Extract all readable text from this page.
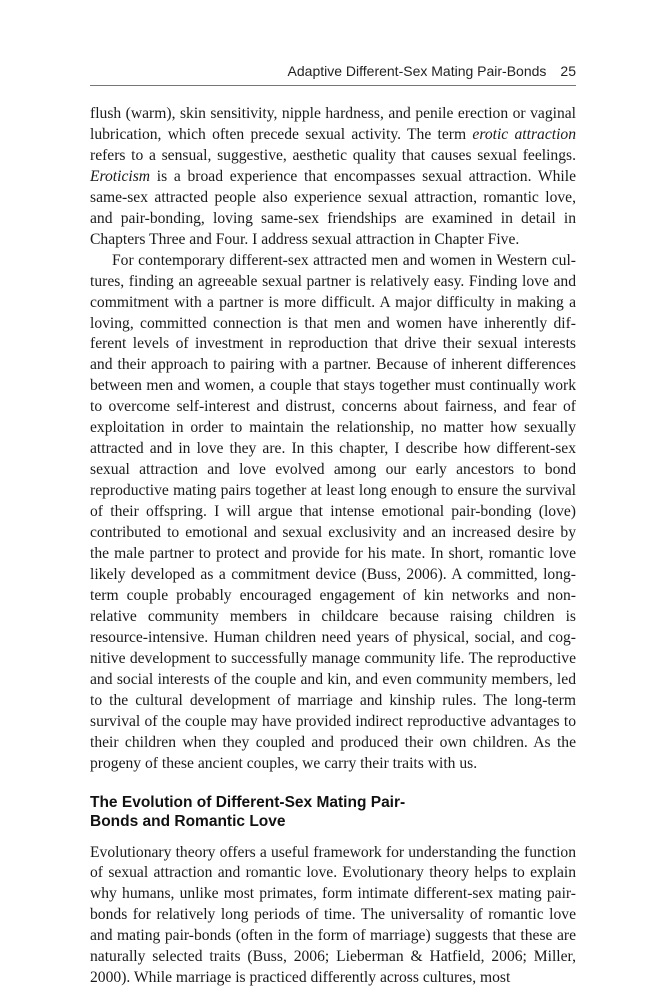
Adaptive Different-Sex Mating Pair-Bonds 25

flush (warm), skin sensitivity, nipple hardness, and penile erection or vaginal lubrication, which often precede sexual activity. The term erotic attraction refers to a sensual, suggestive, aesthetic quality that causes sexual feelings. Eroticism is a broad experience that encompasses sexual attraction. While same-sex attracted people also experience sexual attraction, romantic love, and pair-bonding, loving same-sex friendships are examined in detail in Chapters Three and Four. I address sexual attraction in Chapter Five.

For contemporary different-sex attracted men and women in Western cultures, finding an agreeable sexual partner is relatively easy. Finding love and commitment with a partner is more difficult. A major difficulty in making a loving, committed connection is that men and women have inherently different levels of investment in reproduction that drive their sexual interests and their approach to pairing with a partner. Because of inherent differences between men and women, a couple that stays together must continually work to overcome self-interest and distrust, concerns about fairness, and fear of exploitation in order to maintain the relationship, no matter how sexually attracted and in love they are. In this chapter, I describe how different-sex sexual attraction and love evolved among our early ancestors to bond reproductive mating pairs together at least long enough to ensure the survival of their offspring. I will argue that intense emotional pair-bonding (love) contributed to emotional and sexual exclusivity and an increased desire by the male partner to protect and provide for his mate. In short, romantic love likely developed as a commitment device (Buss, 2006). A committed, long-term couple probably encouraged engagement of kin networks and non-relative community members in childcare because raising children is resource-intensive. Human children need years of physical, social, and cognitive development to successfully manage community life. The reproductive and social interests of the couple and kin, and even community members, led to the cultural development of marriage and kinship rules. The long-term survival of the couple may have provided indirect reproductive advantages to their children when they coupled and produced their own children. As the progeny of these ancient couples, we carry their traits with us.

The Evolution of Different-Sex Mating Pair-Bonds and Romantic Love

Evolutionary theory offers a useful framework for understanding the function of sexual attraction and romantic love. Evolutionary theory helps to explain why humans, unlike most primates, form intimate different-sex mating pair-bonds for relatively long periods of time. The universality of romantic love and mating pair-bonds (often in the form of marriage) suggests that these are naturally selected traits (Buss, 2006; Lieberman & Hatfield, 2006; Miller, 2000). While marriage is practiced differently across cultures, most
